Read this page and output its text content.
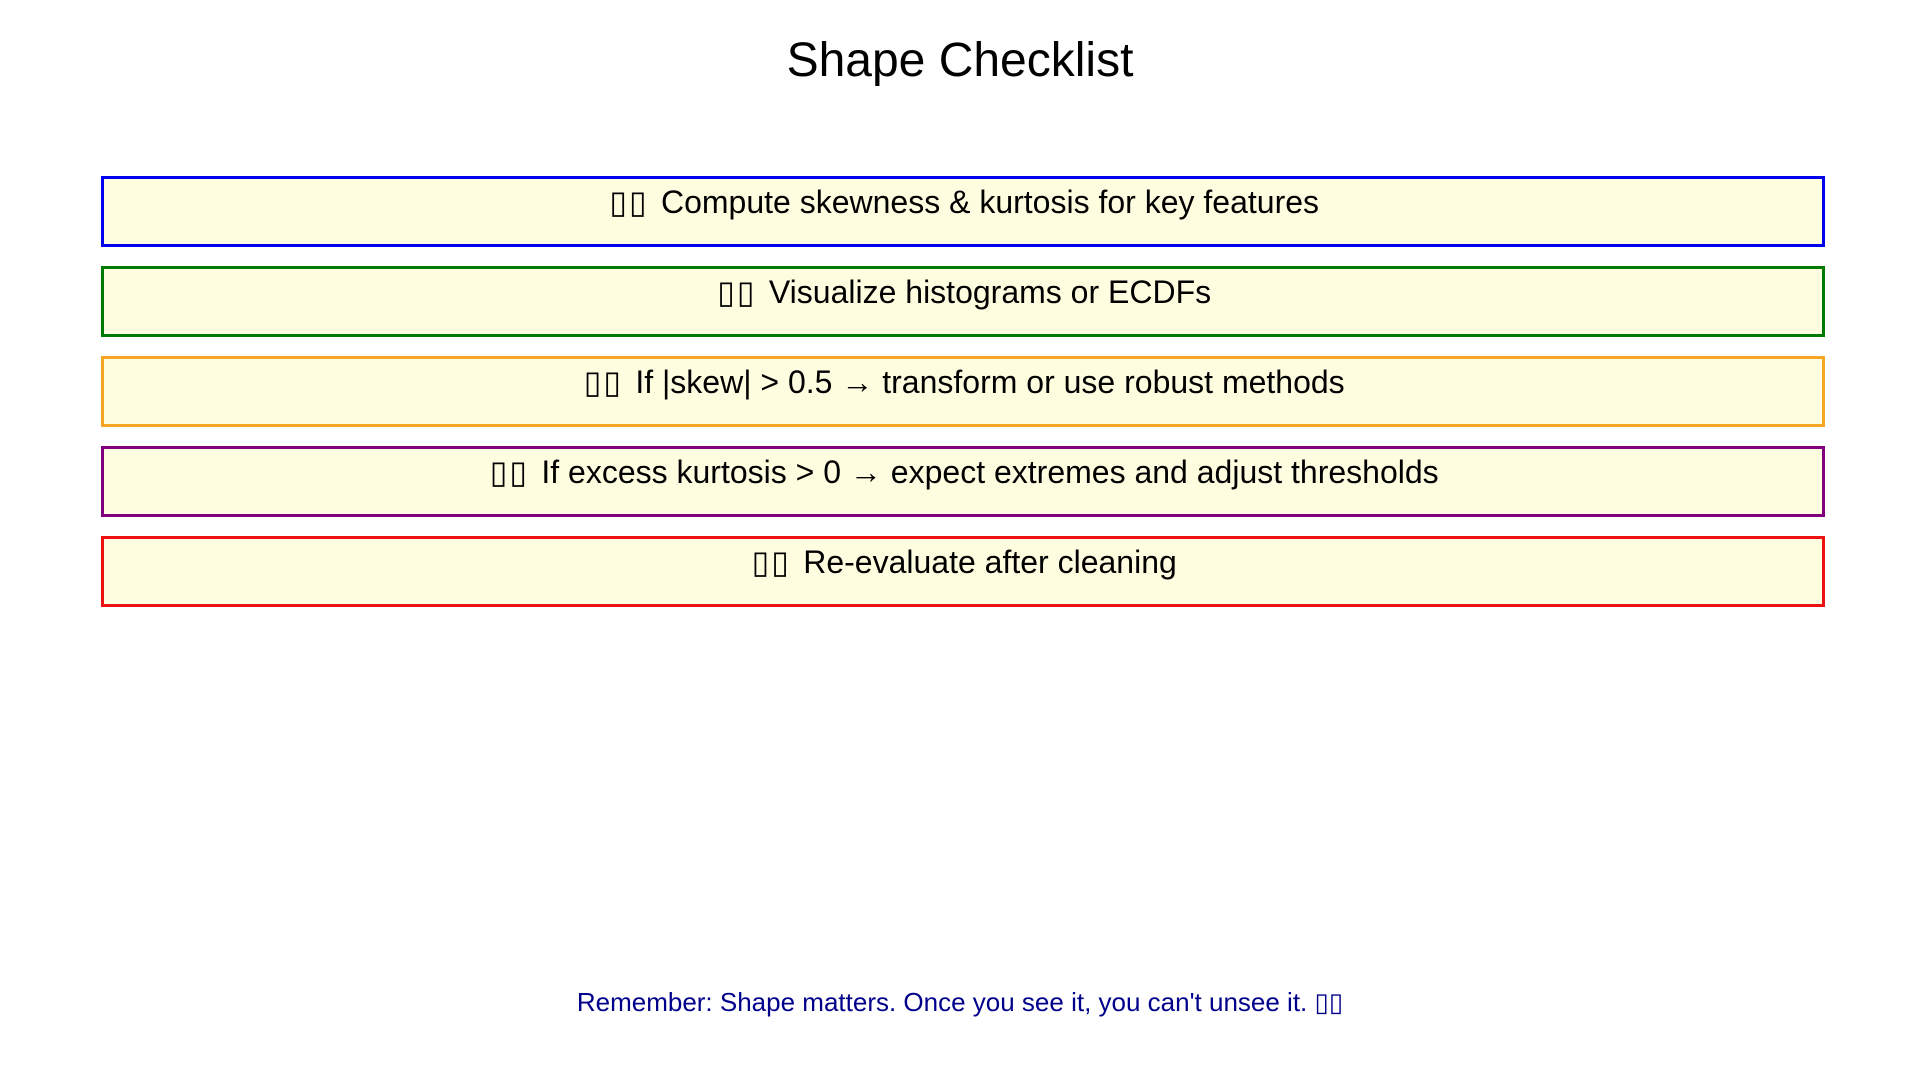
Shape Checklist
▯▯ Compute skewness & kurtosis for key features
▯▯ Visualize histograms or ECDFs
▯▯ If |skew| > 0.5 → transform or use robust methods
▯▯ If excess kurtosis > 0 → expect extremes and adjust thresholds
▯▯ Re-evaluate after cleaning
Remember: Shape matters. Once you see it, you can't unsee it. ▯▯
